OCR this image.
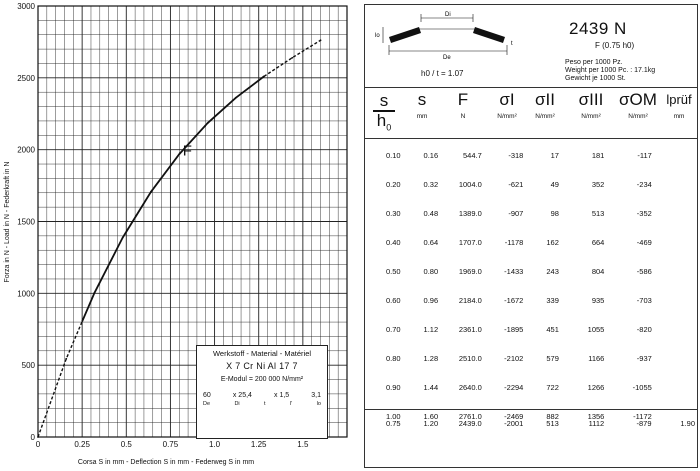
0
500
1000
1500
2000
2500
3000
0	0.25	0.5	0.75	1.0	1.25	1.5
F
Corsa S in mm - Deflection S in mm - Federweg S in mm
Forza in N - Load in N - Federkraft in N
Werkstoff - Material - Matériel
X 7 Cr Ni Al 17 7
E-Modul = 200 000 N/mm²
60	x 25,4	x 1,5	3,1
De	Di	t	l'	lo
Di
De
lo
t
2439 N
F (0.75 h0)
Peso per 1000 Pz.
Weight per 1000 Pc. : 17.1kg
Gewicht je 1000 St.
h0 / t = 1.07
s
$h_0$
s
mm
F
N
σI
N/mm²
σII
N/mm²
σIII
N/mm²
σOM
N/mm²
lprüf
mm
0.10	0.16	544.7	-318	17	181	-117	
0.20	0.32	1004.0	-621	49	352	-234	
0.30	0.48	1389.0	-907	98	513	-352	
0.40	0.64	1707.0	-1178	162	664	-469	
0.50	0.80	1969.0	-1433	243	804	-586	
0.60	0.96	2184.0	-1672	339	935	-703	
0.70	1.12	2361.0	-1895	451	1055	-820	
0.80	1.28	2510.0	-2102	579	1166	-937	
0.90	1.44	2640.0	-2294	722	1266	-1055	
1.00	1.60	2761.0	-2469	882	1356	-1172	
0.75	1.20	2439.0	-2001	513	1112	-879	1.90
